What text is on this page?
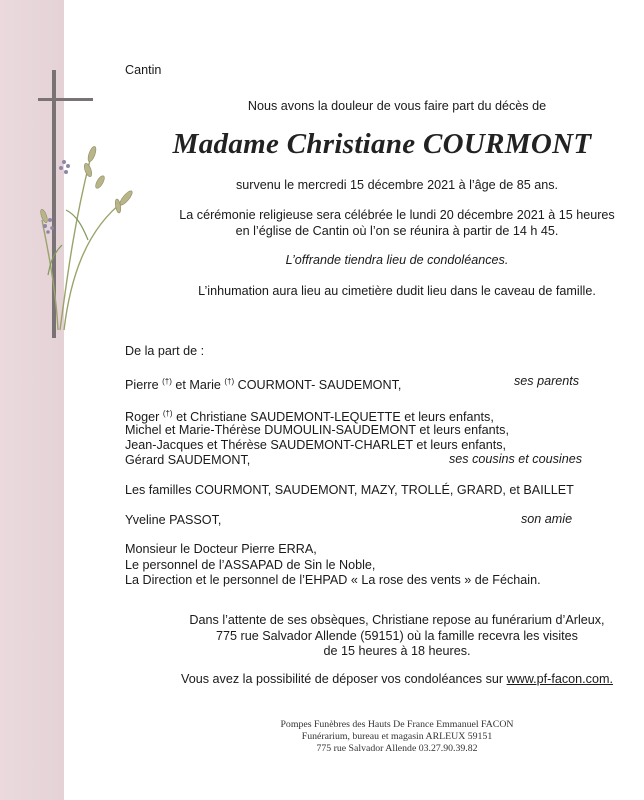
Cantin
Nous avons la douleur de vous faire part du décès de
Madame Christiane COURMONT
survenu le mercredi 15 décembre 2021 à l’âge de 85 ans.
La cérémonie religieuse sera célébrée le lundi 20 décembre 2021 à 15 heures
en l’église de Cantin où l’on se réunira à partir de 14 h 45.
L’offrande tiendra lieu de condoléances.
L’inhumation aura lieu au cimetière dudit lieu dans le caveau de famille.
De la part de :
Pierre (†) et Marie (†) COURMONT- SAUDEMONT,	ses parents
Roger (†) et Christiane SAUDEMONT-LEQUETTE et leurs enfants,
Michel et Marie-Thérèse DUMOULIN-SAUDEMONT et leurs enfants,
Jean-Jacques et Thérèse SAUDEMONT-CHARLET et leurs enfants,
Gérard SAUDEMONT,	ses cousins et cousines
Les familles COURMONT, SAUDEMONT, MAZY, TROLLÉ, GRARD, et BAILLET
Yveline PASSOT,	son amie
Monsieur le Docteur Pierre ERRA,
Le personnel de l’ASSAPAD de Sin le Noble,
La Direction et le personnel de l’EHPAD « La rose des vents » de Féchain.
Dans l’attente de ses obsèques, Christiane repose au funérarium d’Arleux,
775 rue Salvador Allende (59151) où la famille recevra les visites
de 15 heures à 18 heures.
Vous avez la possibilité de déposer vos condoléances sur www.pf-facon.com.
Pompes Funèbres des Hauts De France Emmanuel FACON
Funérarium, bureau et magasin ARLEUX 59151
775 rue Salvador Allende 03.27.90.39.82
